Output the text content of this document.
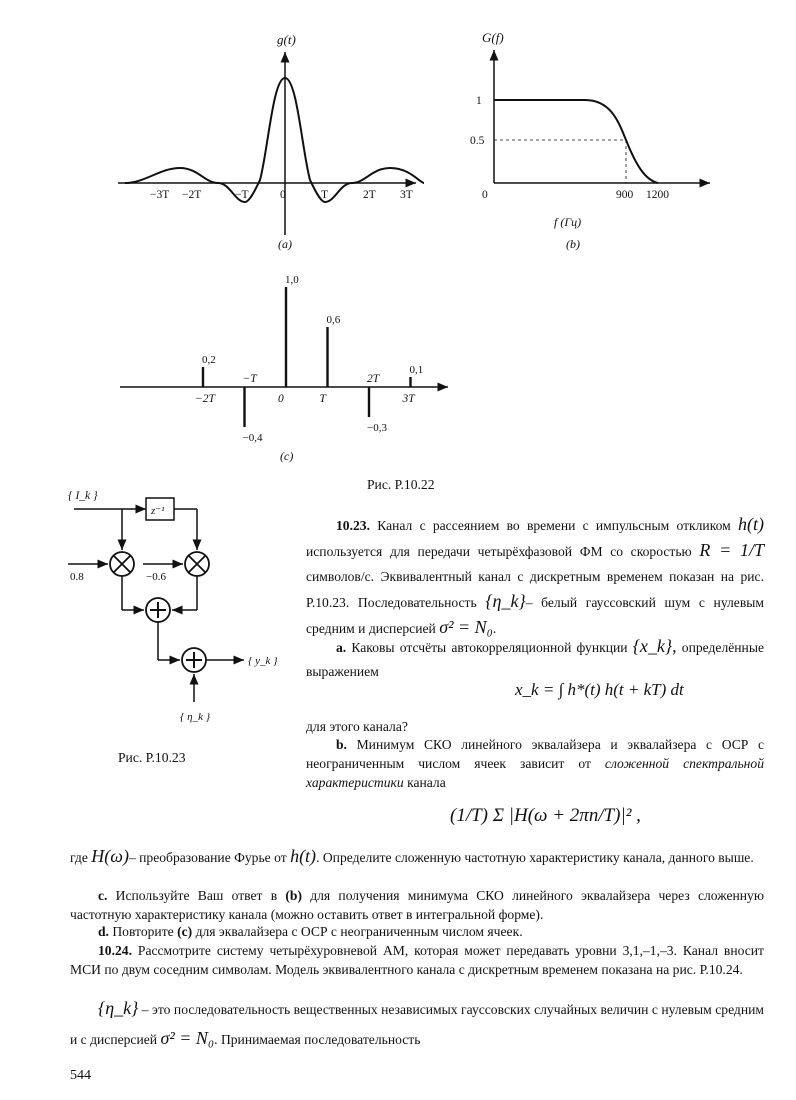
g(t)
−3T −2T	−T	0	T	2T 3T
(a)
G(f)
1
0.5
0	900 1200
f (Гц)
(b)
0,2
−2T
−0,4
−T
1,0
0
0,6
T
−0,3
2T
0,1
3T
(c)
Рис. Р.10.22
z⁻¹
0.8	−0.6
{ y_k }
{ η_k }
{ I_k }
Рис. Р.10.23
10.23. Канал с рассеянием во времени с импульсным откликом h(t) используется для передачи четырёхфазовой ФМ со скоростью R = 1/T символов/с. Эквивалентный канал с дискретным временем показан на рис. Р.10.23. Последовательность {η_k}– белый гауссовский шум с нулевым средним и дисперсией σ² = N₀.
a. Каковы отсчёты автокорреляционной функции {x_k}, определённые выражением
x_k = ∫ h*(t) h(t + kT) dt
для этого канала?
b. Минимум СКО линейного эквалайзера и эквалайзера с ОСР с неограниченным числом ячеек зависит от сложенной спектральной характеристики канала
(1/T) Σ |H(ω + 2πn/T)|² ,
где H(ω)– преобразование Фурье от h(t). Определите сложенную частотную характеристику канала, данного выше.
c. Используйте Ваш ответ в (b) для получения минимума СКО линейного эквалайзера через сложенную частотную характеристику канала (можно оставить ответ в интегральной форме).
d. Повторите (c) для эквалайзера с ОСР с неограниченным числом ячеек.
10.24. Рассмотрите систему четырёхуровневой АМ, которая может передавать уровни 3,1,–1,–3. Канал вносит МСИ по двум соседним символам. Модель эквивалентного канала с дискретным временем показана на рис. Р.10.24.
{η_k} – это последовательность вещественных независимых гауссовских случайных величин с нулевым средним и с дисперсией σ² = N₀. Принимаемая последовательность
544
